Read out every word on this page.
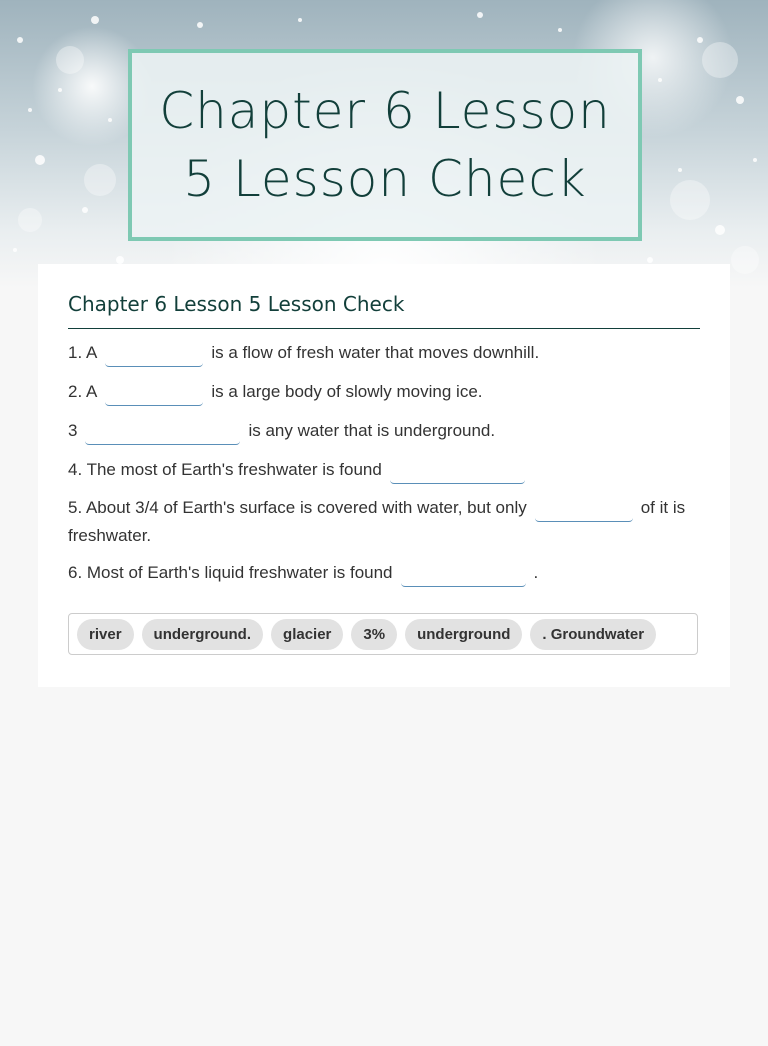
Chapter 6 Lesson 5 Lesson Check
Chapter 6 Lesson 5 Lesson Check
1. A	is a flow of fresh water that moves downhill.
2. A	is a large body of slowly moving ice.
3	is any water that is underground.
4. The most of Earth's freshwater is found
5. About 3/4 of Earth's surface is covered with water, but only	of it is freshwater.
6. Most of Earth's liquid freshwater is found	.
river	underground.	glacier	3%	underground	. Groundwater
